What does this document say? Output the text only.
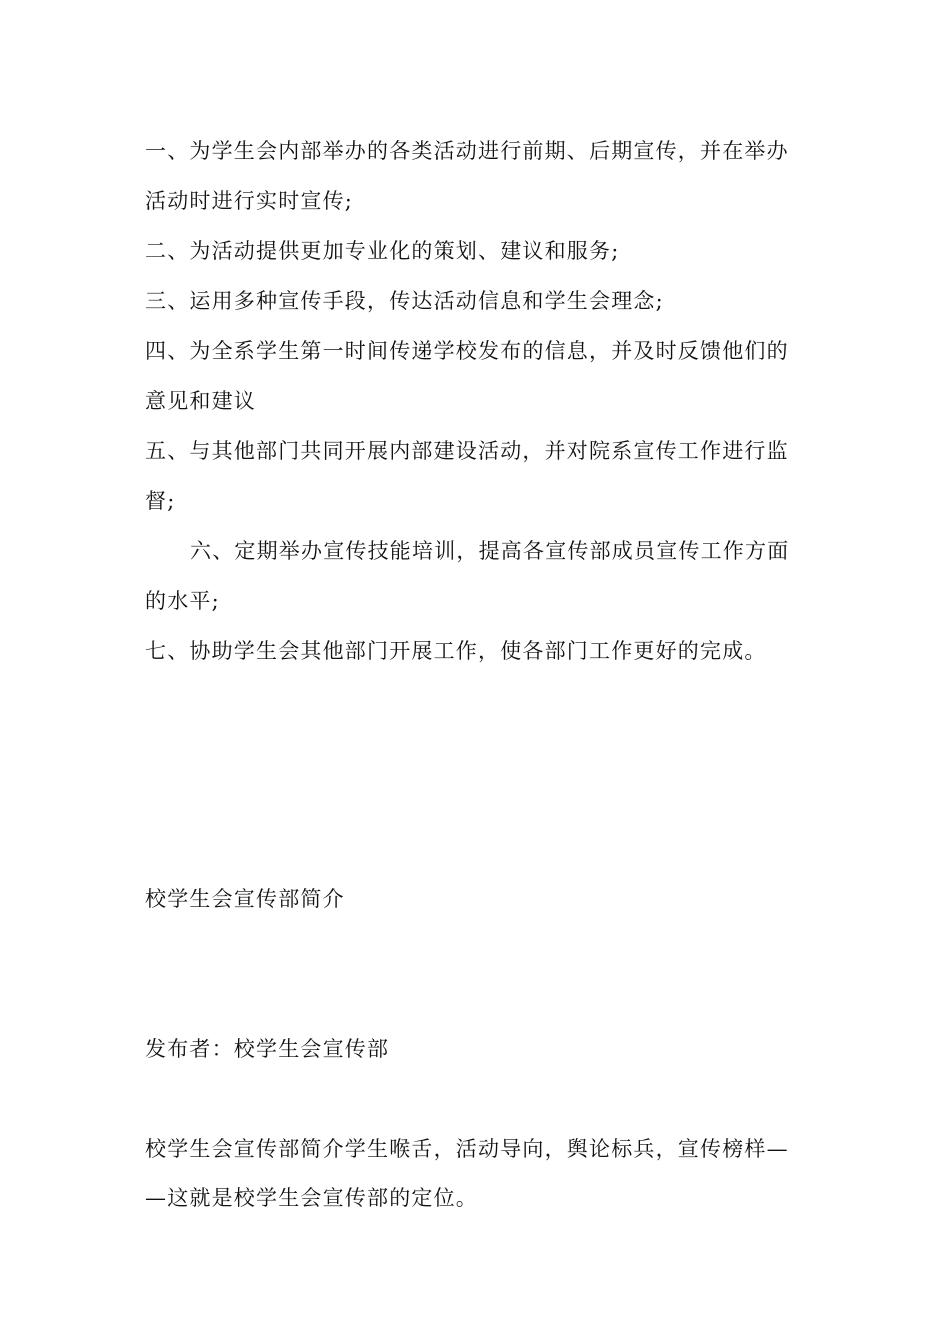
一、为学生会内部举办的各类活动进行前期、后期宣传，并在举办
活动时进行实时宣传;
二、为活动提供更加专业化的策划、建议和服务;
三、运用多种宣传手段，传达活动信息和学生会理念;
四、为全系学生第一时间传递学校发布的信息，并及时反馈他们的
意见和建议
五、与其他部门共同开展内部建设活动，并对院系宣传工作进行监
督;
六、定期举办宣传技能培训，提高各宣传部成员宣传工作方面
的水平;
七、协助学生会其他部门开展工作，使各部门工作更好的完成。
校学生会宣传部简介
发布者：校学生会宣传部
校学生会宣传部简介学生喉舌，活动导向，舆论标兵，宣传榜样—
—这就是校学生会宣传部的定位。
